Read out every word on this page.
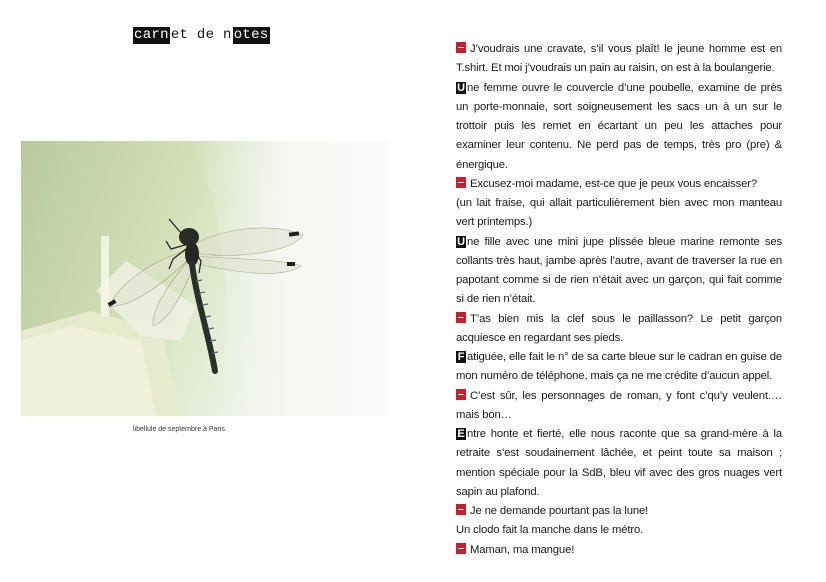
carn et de n otes
libellule de septembre à Paris

J’voudrais une cravate, s’il vous plaît! le jeune homme est en T.shirt. Et moi j’voudrais un pain au raisin, on est à la boulangerie.

U ne femme ouvre le couvercle d’une poubelle, examine de près un porte-monnaie, sort soigneusement les sacs un à un sur le trottoir puis les remet en écartant un peu les attaches pour examiner leur contenu. Ne perd pas de temps, très pro (pre) & énergique.

Excusez-moi madame, est-ce que je peux vous encaisser?

(un lait fraise, qui allait particulièrement bien avec mon manteau vert printemps.)

U ne fille avec une mini jupe plissée bleue marine remonte ses collants très haut, jambe après l’autre, avant de traverser la rue en papotant comme si de rien n’était avec un garçon, qui fait comme si de rien n’était.

T’as bien mis la clef sous le paillasson? Le petit garçon acquiesce en regardant ses pieds.

F atiguée, elle fait le n° de sa carte bleue sur le cadran en guise de mon numéro de téléphone, mais ça ne me crédite d’aucun appel.

C’est sûr, les personnages de roman, y font c’qu’y veulent.… mais bon…

E ntre honte et fierté, elle nous raconte que sa grand-mère à la retraite s’est soudainement lâchée, et peint toute sa maison ; mention spéciale pour la SdB, bleu vif avec des gros nuages vert sapin au plafond.

Je ne demande pourtant pas la lune!

Un clodo fait la manche dans le métro.

Maman, ma mangue!
